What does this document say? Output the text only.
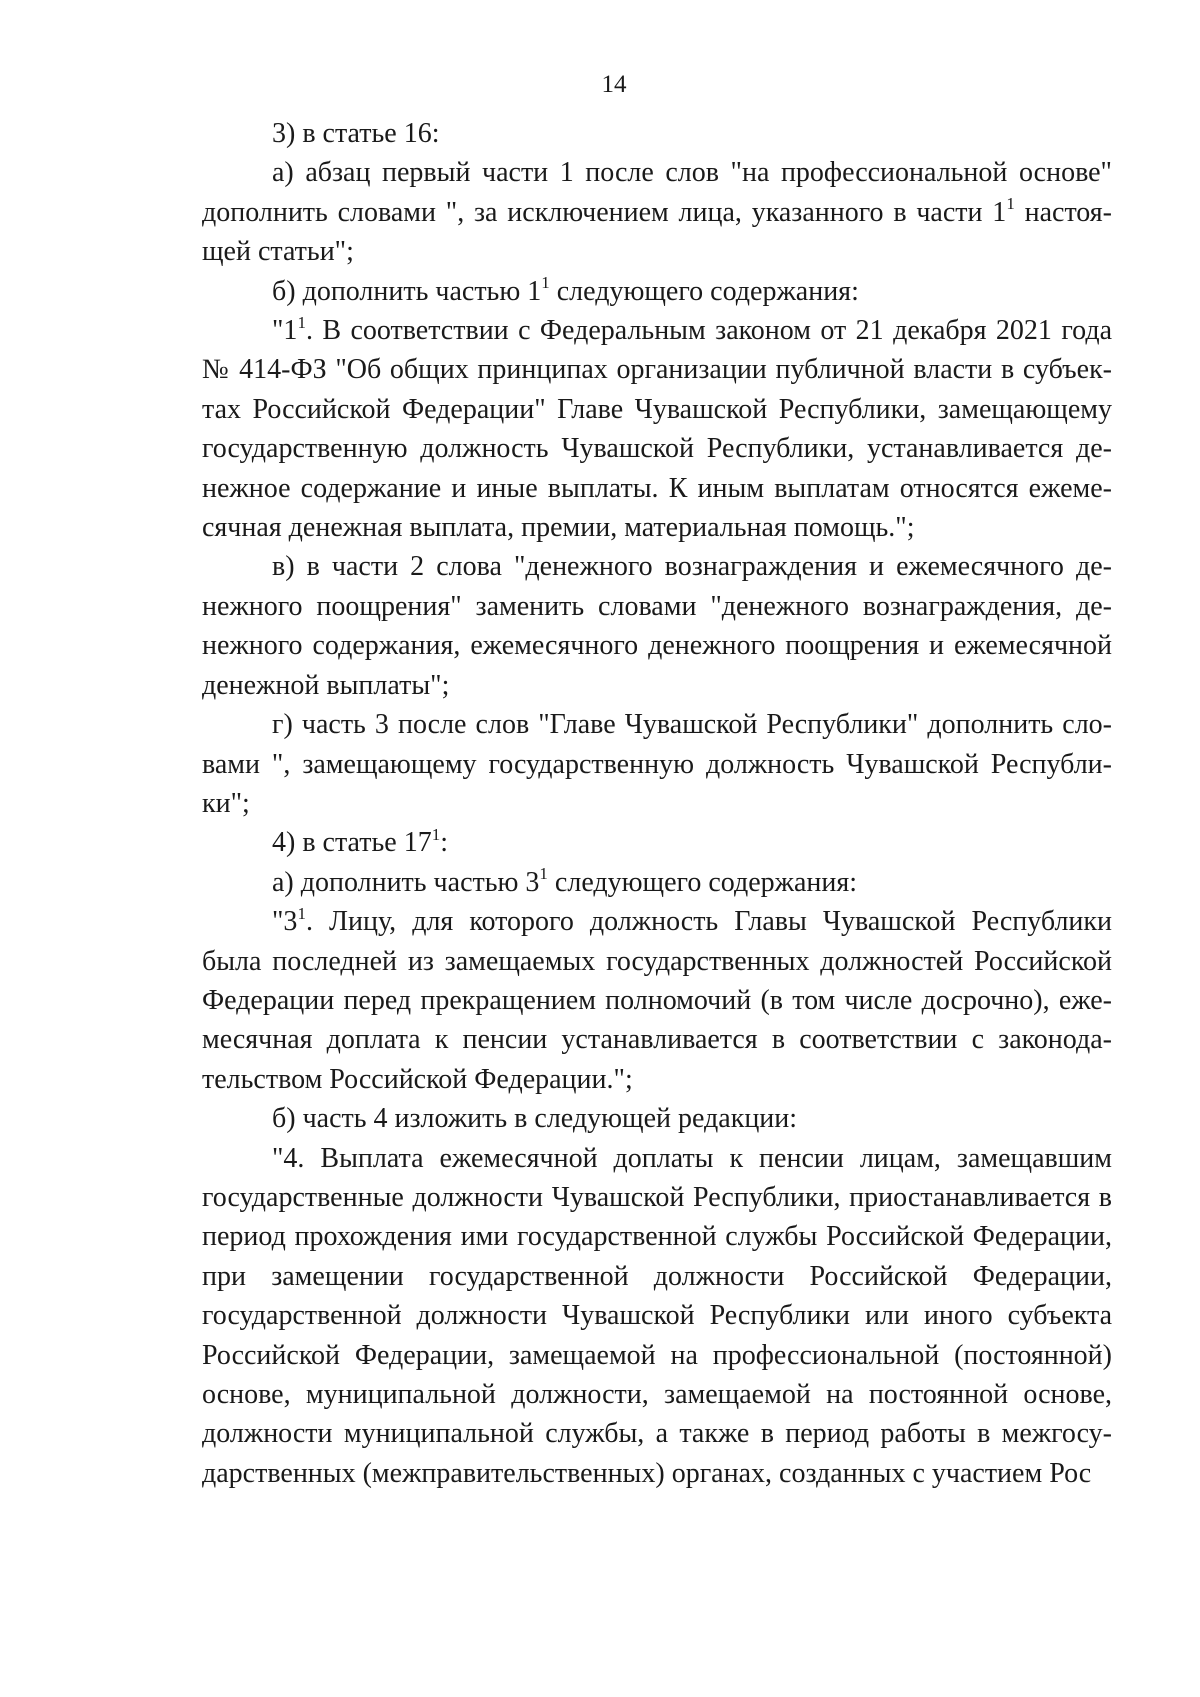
14

3) в статье 16:

а) абзац первый части 1 после слов "на профессиональной основе" дополнить словами ", за исключением лица, указанного в части $1^1$ настоящей статьи";

б) дополнить частью $1^1$ следующего содержания:

"$1^1$. В соответствии с Федеральным законом от 21 декабря 2021 года № 414-ФЗ "Об общих принципах организации публичной власти в субъектах Российской Федерации" Главе Чувашской Республики, замещающему государственную должность Чувашской Республики, устанавливается денежное содержание и иные выплаты. К иным выплатам относятся ежемесячная денежная выплата, премии, материальная помощь.";

в) в части 2 слова "денежного вознаграждения и ежемесячного денежного поощрения" заменить словами "денежного вознаграждения, денежного содержания, ежемесячного денежного поощрения и ежемесячной денежной выплаты";

г) часть 3 после слов "Главе Чувашской Республики" дополнить словами ", замещающему государственную должность Чувашской Республики";

4) в статье $17^1$:

а) дополнить частью $3^1$ следующего содержания:

"$3^1$. Лицу, для которого должность Главы Чувашской Республики была последней из замещаемых государственных должностей Российской Федерации перед прекращением полномочий (в том числе досрочно), ежемесячная доплата к пенсии устанавливается в соответствии с законодательством Российской Федерации.";

б) часть 4 изложить в следующей редакции:

"4. Выплата ежемесячной доплаты к пенсии лицам, замещавшим государственные должности Чувашской Республики, приостанавливается в период прохождения ими государственной службы Российской Федерации, при замещении государственной должности Российской Федерации, государственной должности Чувашской Республики или иного субъекта Российской Федерации, замещаемой на профессиональной (постоянной) основе, муниципальной должности, замещаемой на постоянной основе, должности муниципальной службы, а также в период работы в межгосударственных (межправительственных) органах, созданных с участием Рос
